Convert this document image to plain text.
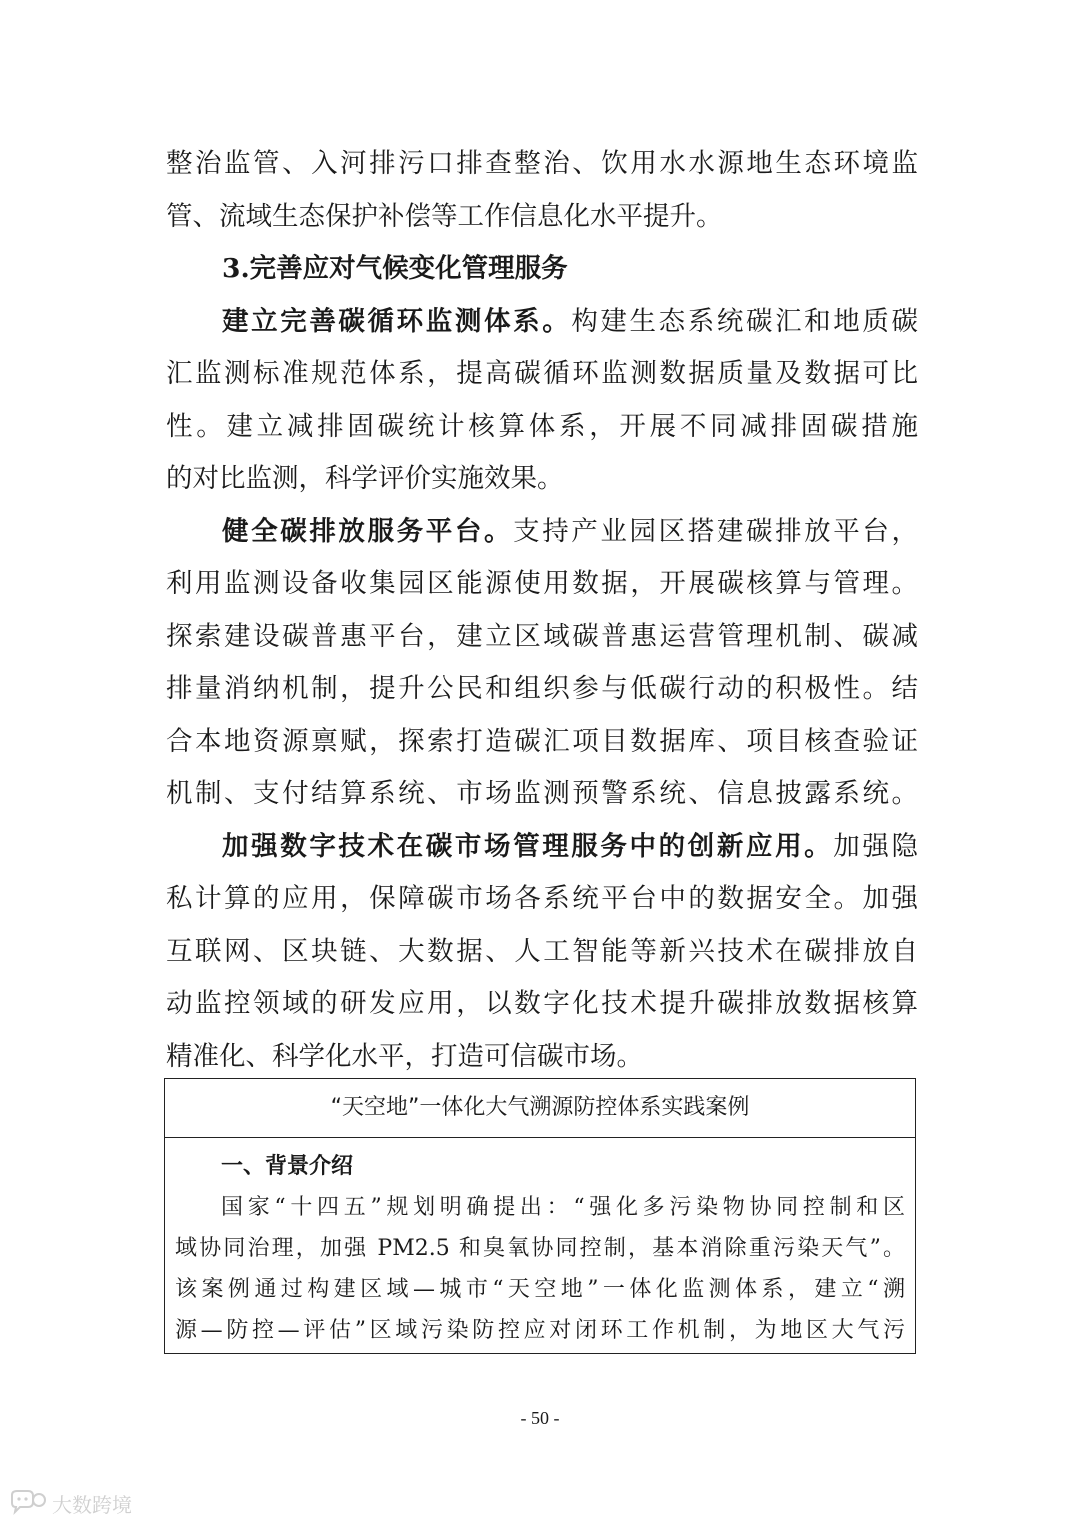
整治监管、入河排污口排查整治、饮用水水源地生态环境监
管、流域生态保护补偿等工作信息化水平提升。
3.完善应对气候变化管理服务
建立完善碳循环监测体系。构建生态系统碳汇和地质碳
汇监测标准规范体系，提高碳循环监测数据质量及数据可比
性。建立减排固碳统计核算体系，开展不同减排固碳措施
的对比监测，科学评价实施效果。
健全碳排放服务平台。支持产业园区搭建碳排放平台，
利用监测设备收集园区能源使用数据，开展碳核算与管理。
探索建设碳普惠平台，建立区域碳普惠运营管理机制、碳减
排量消纳机制，提升公民和组织参与低碳行动的积极性。结
合本地资源禀赋，探索打造碳汇项目数据库、项目核查验证
机制、支付结算系统、市场监测预警系统、信息披露系统。
加强数字技术在碳市场管理服务中的创新应用。加强隐
私计算的应用，保障碳市场各系统平台中的数据安全。加强
互联网、区块链、大数据、人工智能等新兴技术在碳排放自
动监控领域的研发应用，以数字化技术提升碳排放数据核算
精准化、科学化水平，打造可信碳市场。
“天空地”一体化大气溯源防控体系实践案例
一、背景介绍
国家“十四五”规划明确提出：“强化多污染物协同控制和区
域协同治理，加强 PM2.5 和臭氧协同控制，基本消除重污染天气”。
该案例通过构建区域—城市“天空地”一体化监测体系，建立“溯
源—防控—评估”区域污染防控应对闭环工作机制，为地区大气污
- 50 -
大数跨境
